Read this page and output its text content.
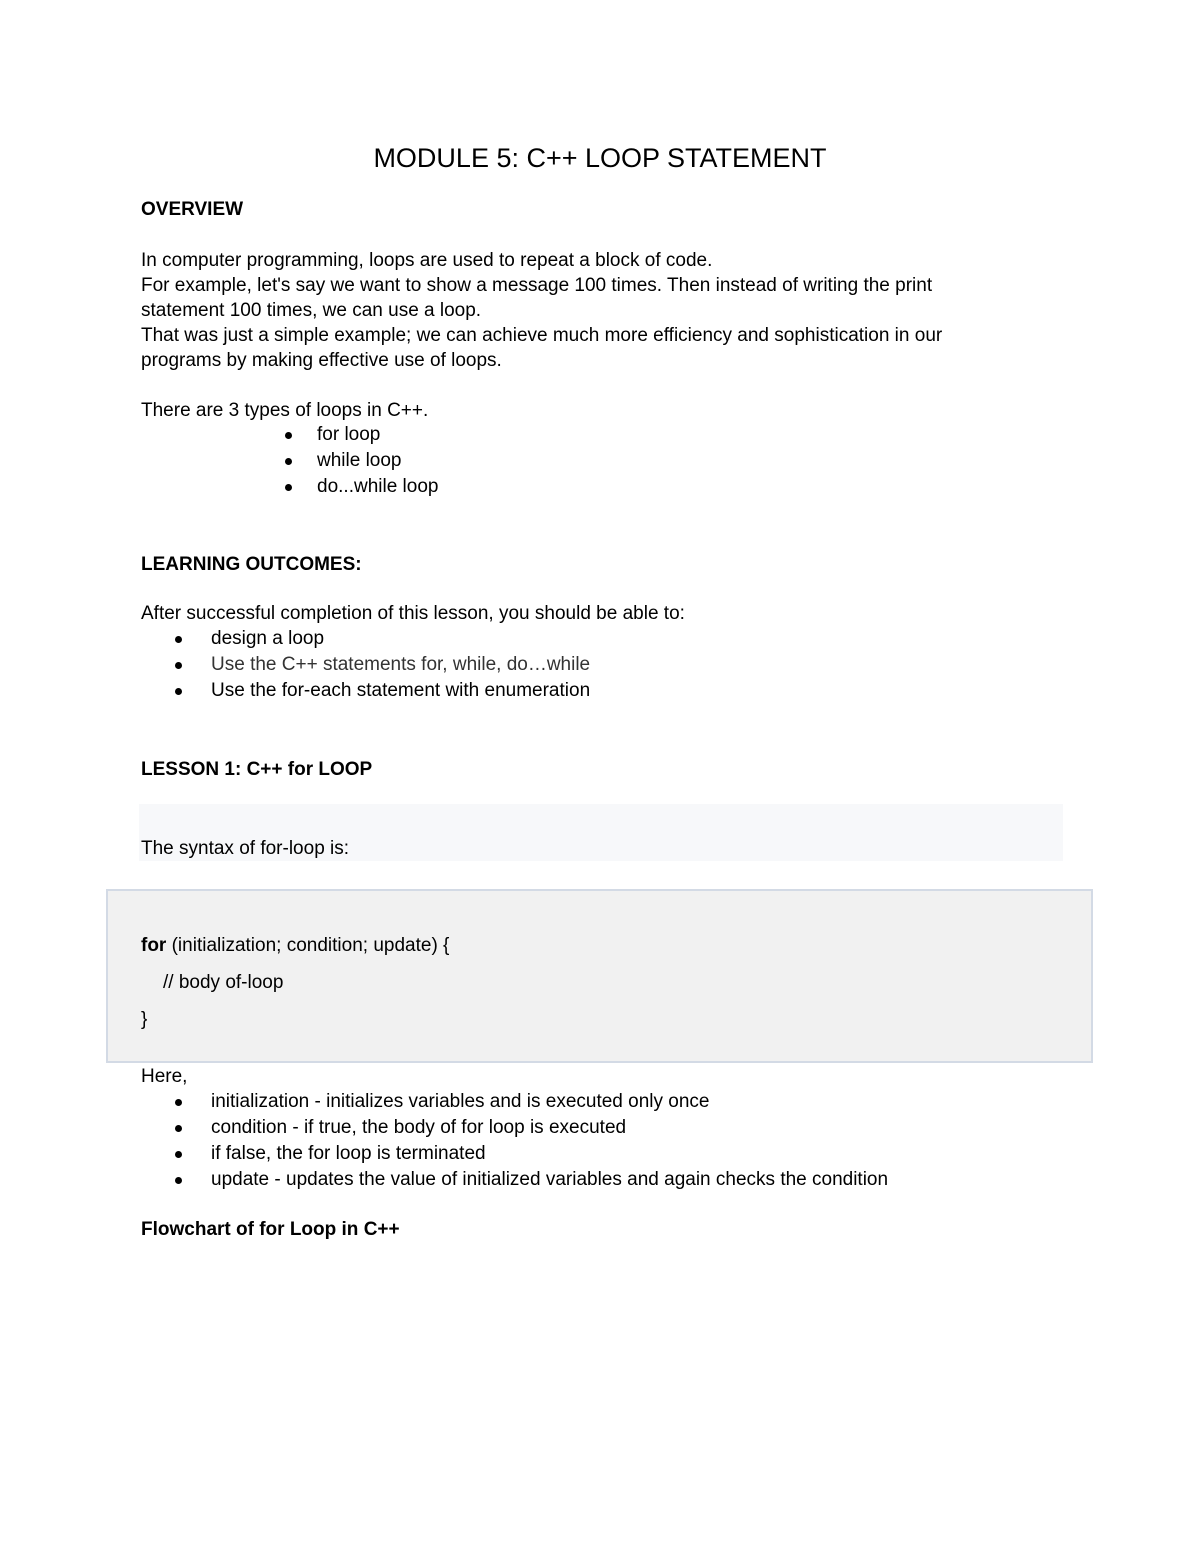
MODULE 5: C++ LOOP STATEMENT
OVERVIEW
In computer programming, loops are used to repeat a block of code.
For example, let's say we want to show a message 100 times. Then instead of writing the print
statement 100 times, we can use a loop.
That was just a simple example; we can achieve much more efficiency and sophistication in our
programs by making effective use of loops.
There are 3 types of loops in C++.
for loop
while loop
do...while loop
LEARNING OUTCOMES:
After successful completion of this lesson, you should be able to:
design a loop
Use the C++ statements for, while, do…while
Use the for-each statement with enumeration
LESSON 1: C++ for LOOP
The syntax of for-loop is:
for (initialization; condition; update) {
// body of-loop
}
Here,
initialization - initializes variables and is executed only once
condition - if true, the body of for loop is executed
if false, the for loop is terminated
update - updates the value of initialized variables and again checks the condition
Flowchart of for Loop in C++
